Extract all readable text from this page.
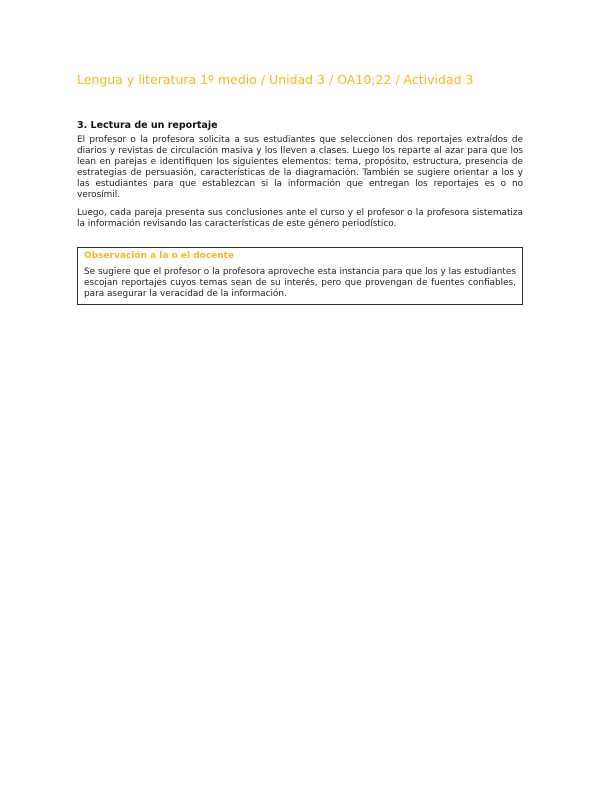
Lengua y literatura 1º medio / Unidad 3 / OA10;22 / Actividad 3
3. Lectura de un reportaje

El profesor o la profesora solicita a sus estudiantes que seleccionen dos reportajes extraídos de diarios y revistas de circulación masiva y los lleven a clases. Luego los reparte al azar para que los lean en parejas e identifiquen los siguientes elementos: tema, propósito, estructura, presencia de estrategias de persuasión, características de la diagramación. También se sugiere orientar a los y las estudiantes para que establezcan si la información que entregan los reportajes es o no verosímil.

Luego, cada pareja presenta sus conclusiones ante el curso y el profesor o la profesora sistematiza la información revisando las características de este género periodístico.

Observación a la o el docente

Se sugiere que el profesor o la profesora aproveche esta instancia para que los y las estudiantes escojan reportajes cuyos temas sean de su interés, pero que provengan de fuentes confiables, para asegurar la veracidad de la información.
